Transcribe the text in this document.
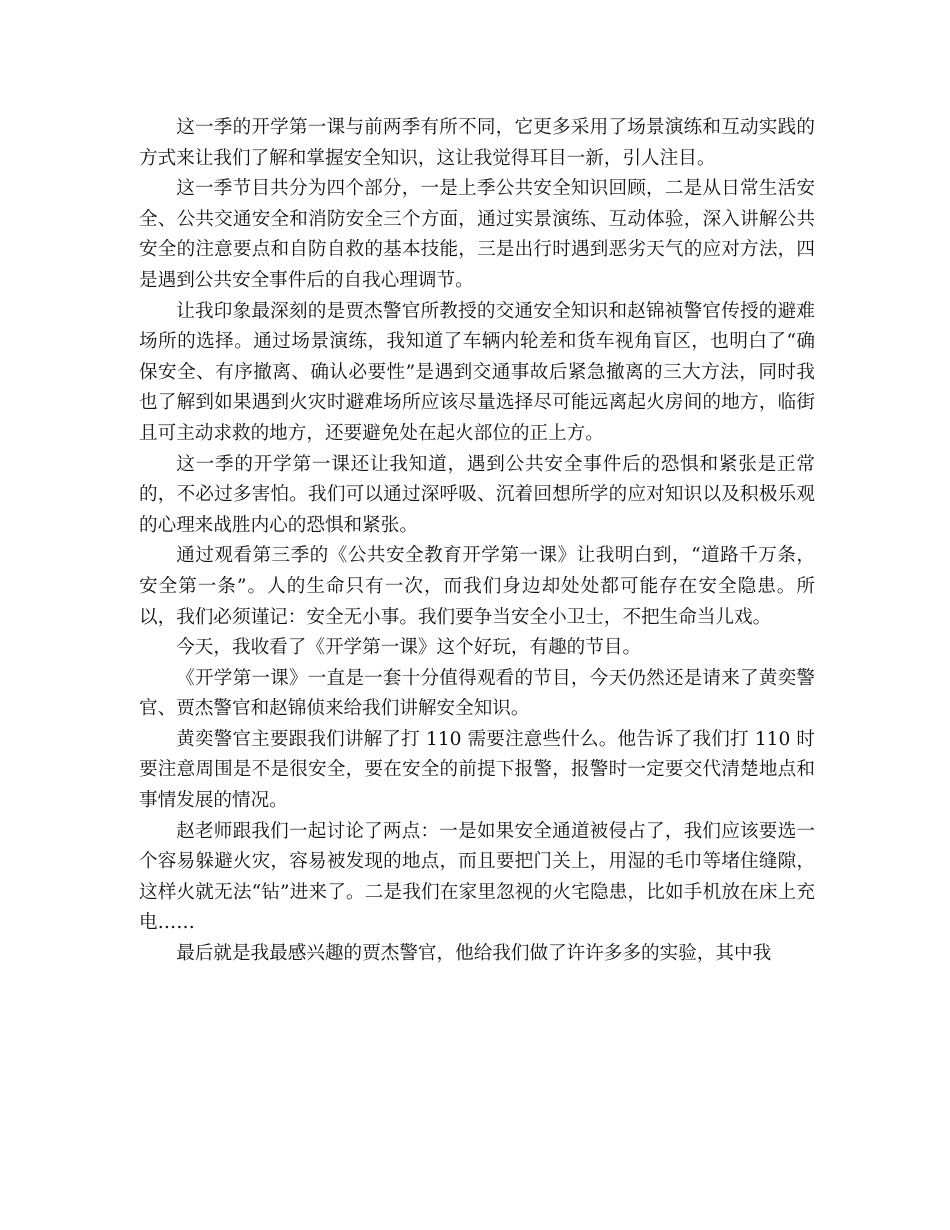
这一季的开学第一课与前两季有所不同，它更多采用了场景演练和互动实践的方式来让我们了解和掌握安全知识，这让我觉得耳目一新，引人注目。

这一季节目共分为四个部分，一是上季公共安全知识回顾，二是从日常生活安全、公共交通安全和消防安全三个方面，通过实景演练、互动体验，深入讲解公共安全的注意要点和自防自救的基本技能，三是出行时遇到恶劣天气的应对方法，四是遇到公共安全事件后的自我心理调节。

让我印象最深刻的是贾杰警官所教授的交通安全知识和赵锦祯警官传授的避难场所的选择。通过场景演练，我知道了车辆内轮差和货车视角盲区，也明白了“确保安全、有序撤离、确认必要性”是遇到交通事故后紧急撤离的三大方法，同时我也了解到如果遇到火灾时避难场所应该尽量选择尽可能远离起火房间的地方，临街且可主动求救的地方，还要避免处在起火部位的正上方。

这一季的开学第一课还让我知道，遇到公共安全事件后的恐惧和紧张是正常的，不必过多害怕。我们可以通过深呼吸、沉着回想所学的应对知识以及积极乐观的心理来战胜内心的恐惧和紧张。

通过观看第三季的《公共安全教育开学第一课》让我明白到，“道路千万条，安全第一条”。人的生命只有一次，而我们身边却处处都可能存在安全隐患。所以，我们必须谨记：安全无小事。我们要争当安全小卫士，不把生命当儿戏。

今天，我收看了《开学第一课》这个好玩，有趣的节目。

《开学第一课》一直是一套十分值得观看的节目，今天仍然还是请来了黄奕警官、贾杰警官和赵锦侦来给我们讲解安全知识。

黄奕警官主要跟我们讲解了打 110 需要注意些什么。他告诉了我们打 110 时要注意周围是不是很安全，要在安全的前提下报警，报警时一定要交代清楚地点和事情发展的情况。

赵老师跟我们一起讨论了两点：一是如果安全通道被侵占了，我们应该要选一个容易躲避火灾，容易被发现的地点，而且要把门关上，用湿的毛巾等堵住缝隙，这样火就无法“钻”进来了。二是我们在家里忽视的火宅隐患，比如手机放在床上充电……

最后就是我最感兴趣的贾杰警官，他给我们做了许许多多的实验，其中我
